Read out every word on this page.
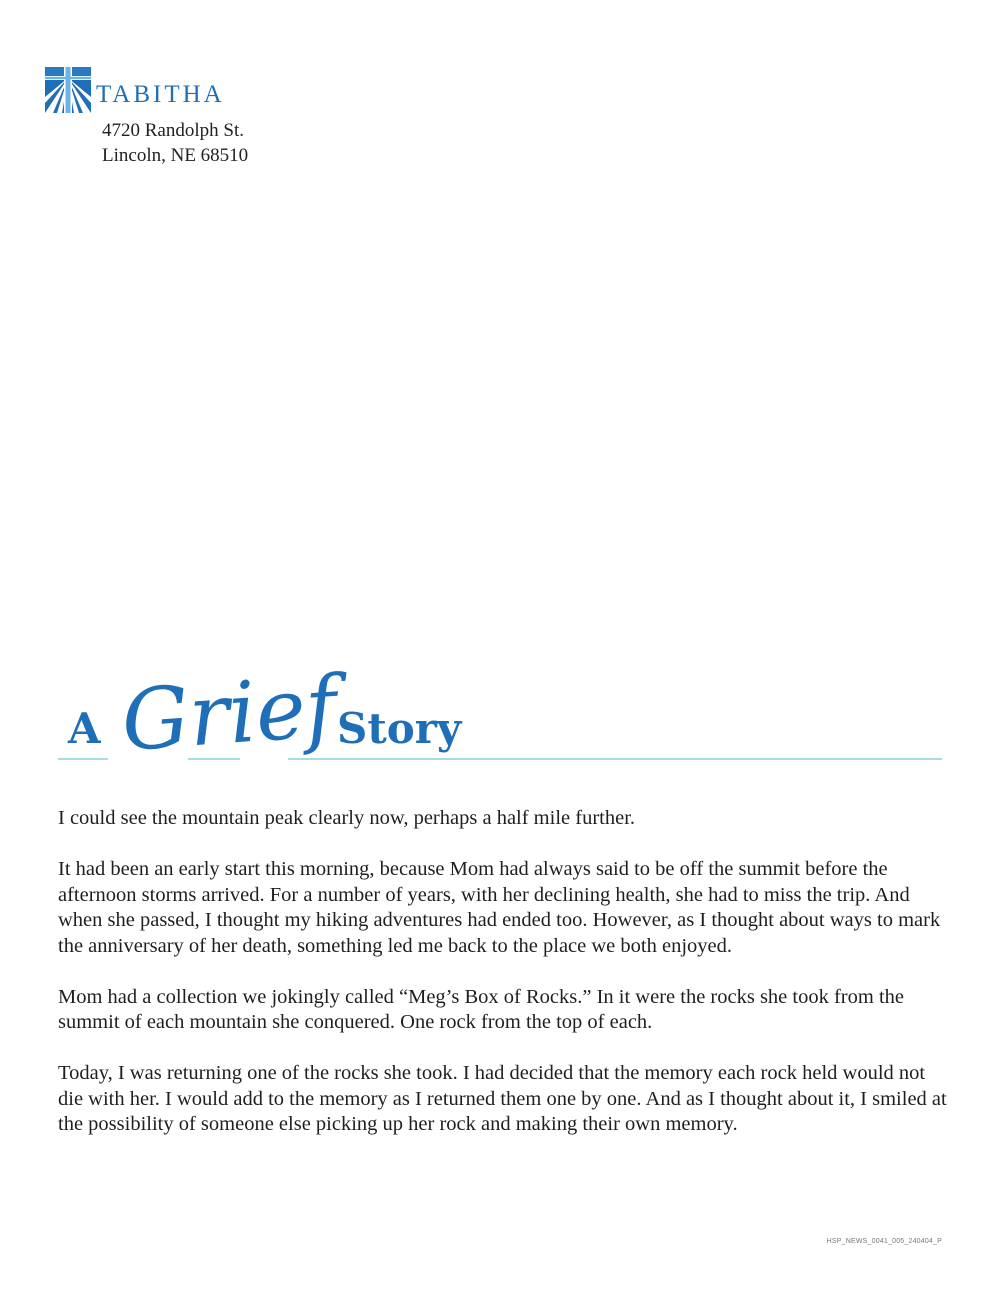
TABITHA
4720 Randolph St.
Lincoln, NE 68510
A Grief
Story

I could see the mountain peak clearly now, perhaps a half mile further.

It had been an early start this morning, because Mom had always said to be off the summit before the afternoon storms arrived. For a number of years, with her declining health, she had to miss the trip. And when she passed, I thought my hiking adventures had ended too. However, as I thought about ways to mark the anniversary of her death, something led me back to the place we both enjoyed.

Mom had a collection we jokingly called “Meg’s Box of Rocks.” In it were the rocks she took from the summit of each mountain she conquered. One rock from the top of each.

Today, I was returning one of the rocks she took. I had decided that the memory each rock held would not die with her. I would add to the memory as I returned them one by one. And as I thought about it, I smiled at the possibility of someone else picking up her rock and making their own memory.

HSP_NEWS_0041_005_240404_P
